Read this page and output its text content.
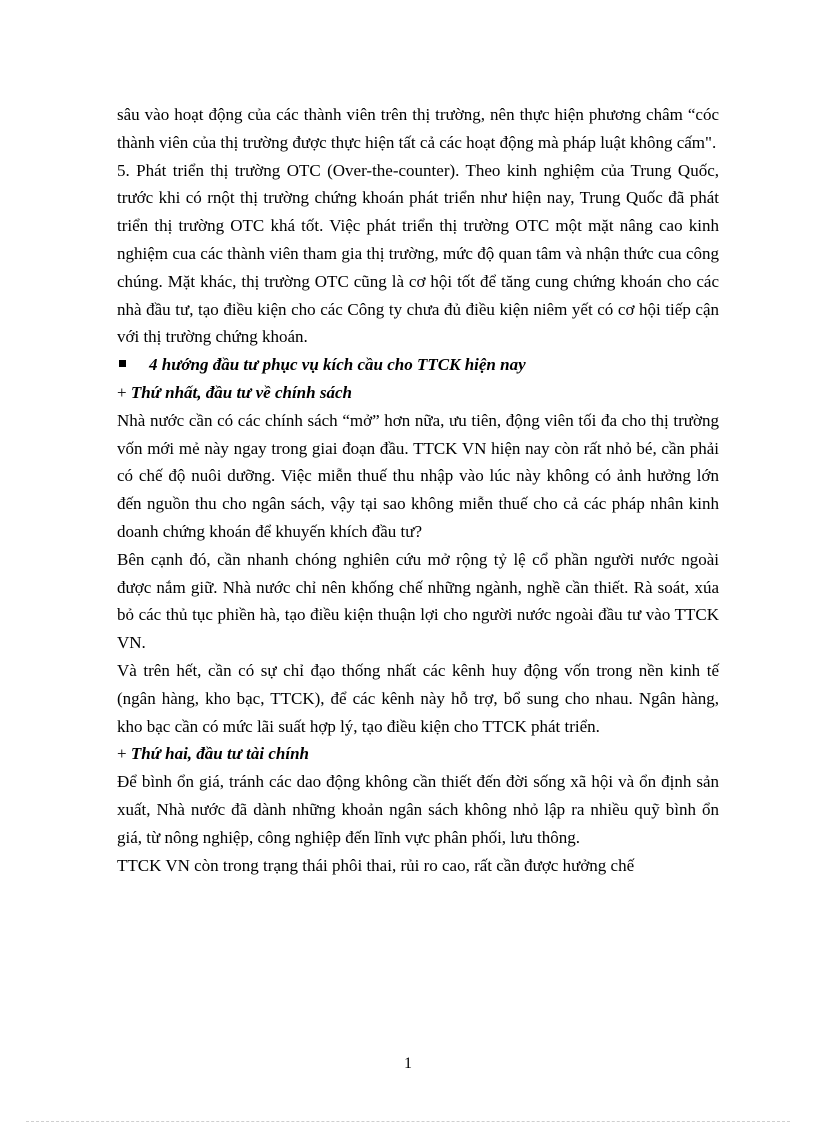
sâu vào hoạt động của các thành viên trên thị trường, nên thực hiện phương châm “cóc thành viên của thị trường được thực hiện tất cả các hoạt động mà pháp luật không cấm".

5. Phát triển thị trường OTC (Over-the-counter). Theo kinh nghiệm của Trung Quốc, trước khi có rnột thị trường chứng khoán phát triển như hiện nay, Trung Quốc đã phát triển thị trường OTC khá tốt. Việc phát triển thị trường OTC một mặt nâng cao kinh nghiệm cua các thành viên tham gia thị trường, mức độ quan tâm và nhận thức cua công chúng. Mặt khác, thị trường OTC cũng là cơ hội tốt để tăng cung chứng khoán cho các nhà đầu tư, tạo điều kiện cho các Công ty chưa đủ điều kiện niêm yết có cơ hội tiếp cận với thị trường chứng khoán.

4 hướng đầu tư phục vụ kích cầu cho TTCK hiện nay

+ Thứ nhất, đầu tư về chính sách

Nhà nước cần có các chính sách “mở” hơn nữa, ưu tiên, động viên tối đa cho thị trường vốn mới mẻ này ngay trong giai đoạn đầu. TTCK VN hiện nay còn rất nhỏ bé, cần phải có chế độ nuôi dưỡng. Việc miễn thuế thu nhập vào lúc này không có ảnh hưởng lớn đến nguồn thu cho ngân sách, vậy tại sao không miễn thuế cho cả các pháp nhân kinh doanh chứng khoán để khuyến khích đầu tư?

Bên cạnh đó, cần nhanh chóng nghiên cứu mở rộng tỷ lệ cổ phần người nước ngoài được nắm giữ. Nhà nước chỉ nên khống chế những ngành, nghề cần thiết. Rà soát, xúa bỏ các thủ tục phiền hà, tạo điều kiện thuận lợi cho người nước ngoài đầu tư vào TTCK VN.

Và trên hết, cần có sự chỉ đạo thống nhất các kênh huy động vốn trong nền kinh tế (ngân hàng, kho bạc, TTCK), để các kênh này hỗ trợ, bổ sung cho nhau. Ngân hàng, kho bạc cần có mức lãi suất hợp lý, tạo điều kiện cho TTCK phát triển.

+ Thứ hai, đầu tư tài chính

Để bình ổn giá, tránh các dao động không cần thiết đến đời sống xã hội và ổn định sản xuất, Nhà nước đã dành những khoản ngân sách không nhỏ lập ra nhiều quỹ bình ổn giá, từ nông nghiệp, công nghiệp đến lĩnh vực phân phối, lưu thông.

TTCK VN còn trong trạng thái phôi thai, rủi ro cao, rất cần được hưởng chế

1
